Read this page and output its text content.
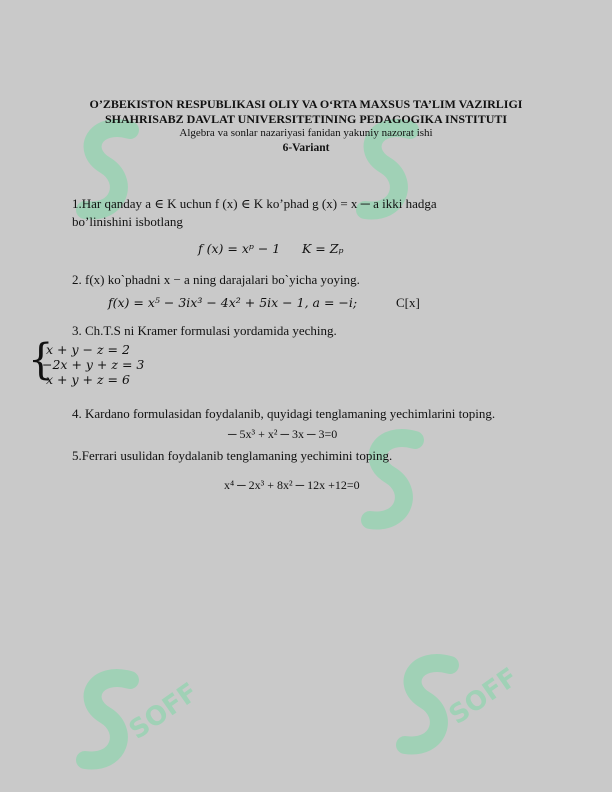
SOFF	SOFF
O’ZBEKISTON RESPUBLIKASI OLIY VA O‘RTA MAXSUS TA’LIM VAZIRLIGI
SHAHRISABZ DAVLAT UNIVERSITETINING PEDAGOGIKA INSTITUTI
Algebra va sonlar nazariyasi fanidan yakuniy nazorat ishi
6-Variant
1.Har qanday a ∈ K uchun f (x) ∈ K ko’phad g (x) = x ─ a ikki hadga
bo’linishini isbotlang
f (x) = xᵖ − 1 K = Zₚ
2. f(x) ko`phadni x − a ning darajalari bo`yicha yoying.
f(x) = x⁵ − 3ix³ − 4x² + 5ix − 1, a = −i;	C[x]
3. Ch.T.S ni Kramer formulasi yordamida yeching.
{
x + y − z = 2
−2x + y + z = 3
x + y + z = 6
4. Kardano formulasidan foydalanib, quyidagi tenglamaning yechimlarini toping.
─ 5x³ + x² ─ 3x ─ 3=0
5.Ferrari usulidan foydalanib tenglamaning yechimini toping.
x⁴ ─ 2x³ + 8x² ─ 12x +12=0
